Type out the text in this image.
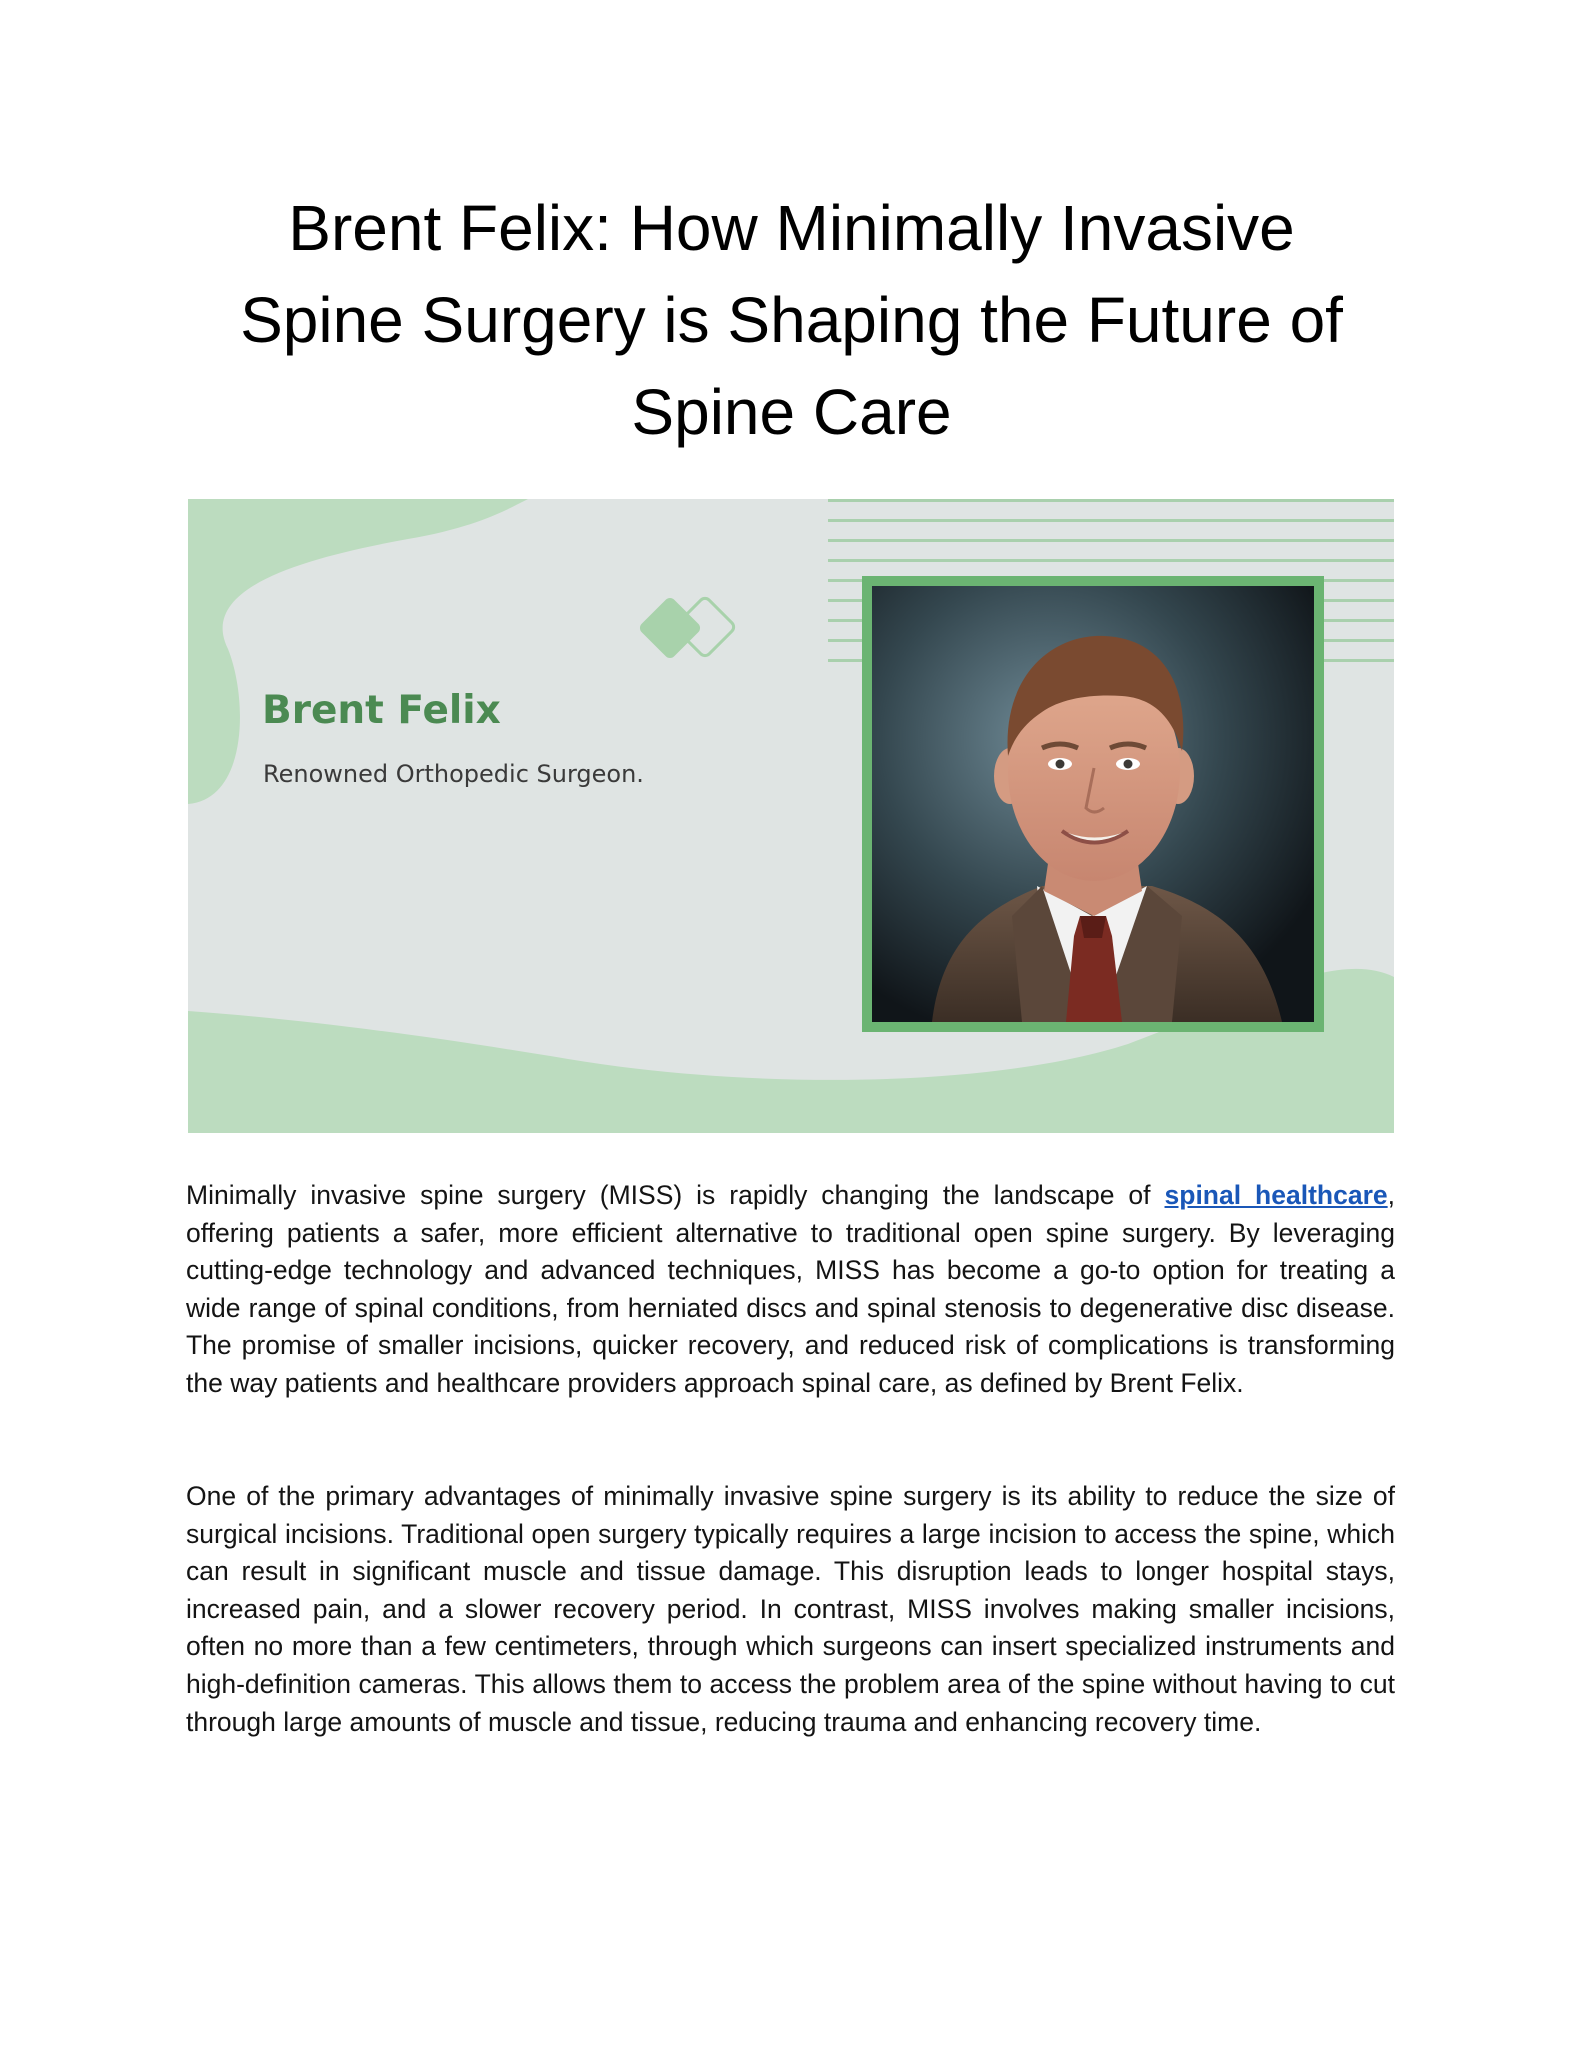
Brent Felix: How Minimally Invasive
Spine Surgery is Shaping the Future of
Spine Care
Brent Felix

Renowned Orthopedic Surgeon.

Minimally invasive spine surgery (MISS) is rapidly changing the landscape of spinal healthcare, offering patients a safer, more efficient alternative to traditional open spine surgery. By leveraging cutting-edge technology and advanced techniques, MISS has become a go-to option for treating a wide range of spinal conditions, from herniated discs and spinal stenosis to degenerative disc disease. The promise of smaller incisions, quicker recovery, and reduced risk of complications is transforming the way patients and healthcare providers approach spinal care, as defined by Brent Felix.

One of the primary advantages of minimally invasive spine surgery is its ability to reduce the size of surgical incisions. Traditional open surgery typically requires a large incision to access the spine, which can result in significant muscle and tissue damage. This disruption leads to longer hospital stays, increased pain, and a slower recovery period. In contrast, MISS involves making smaller incisions, often no more than a few centimeters, through which surgeons can insert specialized instruments and high-definition cameras. This allows them to access the problem area of the spine without having to cut through large amounts of muscle and tissue, reducing trauma and enhancing recovery time.
